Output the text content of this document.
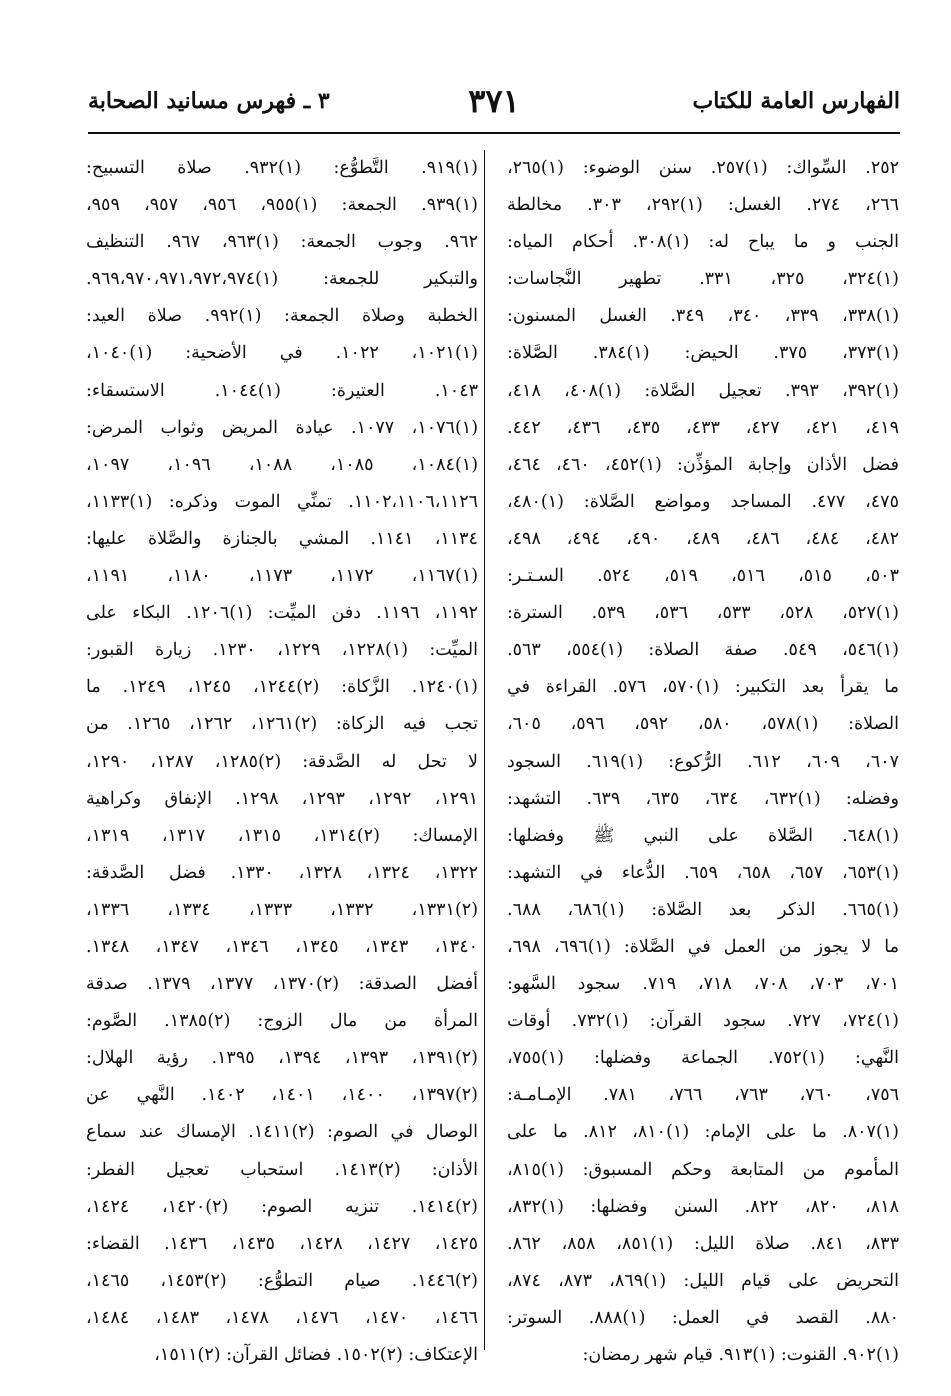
الفهارس العامة للكتاب
٣٧١
٣ ـ فهرس مسانيد الصحابة
٢٥٢. السِّواك: (١)٢٥٧. سنن الوضوء: (١)٢٦٥،
٢٦٦، ٢٧٤. الغسل: (١)٢٩٢، ٣٠٣. مخالطة
الجنب و ما يباح له: (١)٣٠٨. أحكام المياه:
(١)٣٢٤، ٣٢٥، ٣٣١. تطهير النَّجاسات:
(١)٣٣٨، ٣٣٩، ٣٤٠، ٣٤٩. الغسل المسنون:
(١)٣٧٣، ٣٧٥. الحيض: (١)٣٨٤. الصَّلاة:
(١)٣٩٢، ٣٩٣. تعجيل الصَّلاة: (١)٤٠٨، ٤١٨،
٤١٩، ٤٢١، ٤٢٧، ٤٣٣، ٤٣٥، ٤٣٦، ٤٤٢.
فضل الأذان وإجابة المؤذِّن: (١)٤٥٢، ٤٦٠، ٤٦٤،
٤٧٥، ٤٧٧. المساجد ومواضع الصَّلاة: (١)٤٨٠،
٤٨٢، ٤٨٤، ٤٨٦، ٤٨٩، ٤٩٠، ٤٩٤، ٤٩٨،
٥٠٣، ٥١٥، ٥١٦، ٥١٩، ٥٢٤. السـتـر:
(١)٥٢٧، ٥٢٨، ٥٣٣، ٥٣٦، ٥٣٩. السترة:
(١)٥٤٦، ٥٤٩. صفة الصلاة: (١)٥٥٤، ٥٦٣.
ما يقرأ بعد التكبير: (١)٥٧٠، ٥٧٦. القراءة في
الصلاة: (١)٥٧٨، ٥٨٠، ٥٩٢، ٥٩٦، ٦٠٥،
٦٠٧، ٦٠٩، ٦١٢. الرُّكوع: (١)٦١٩. السجود
وفضله: (١)٦٣٢، ٦٣٤، ٦٣٥، ٦٣٩. التشهد:
(١)٦٤٨. الصَّلاة على النبي ﷺ وفضلها:
(١)٦٥٣، ٦٥٧، ٦٥٨، ٦٥٩. الدُّعاء في التشهد:
(١)٦٦٥. الذكر بعد الصَّلاة: (١)٦٨٦، ٦٨٨.
ما لا يجوز من العمل في الصَّلاة: (١)٦٩٦، ٦٩٨،
٧٠١، ٧٠٣، ٧٠٨، ٧١٨، ٧١٩. سجود السَّهو:
(١)٧٢٤، ٧٢٧. سجود القرآن: (١)٧٣٢. أوقات
النَّهي: (١)٧٥٢. الجماعة وفضلها: (١)٧٥٥،
٧٥٦، ٧٦٠، ٧٦٣، ٧٦٦، ٧٨١. الإمـامـة:
(١)٨٠٧. ما على الإمام: (١)٨١٠، ٨١٢. ما على
المأموم من المتابعة وحكم المسبوق: (١)٨١٥،
٨١٨، ٨٢٠، ٨٢٢. السنن وفضلها: (١)٨٣٢،
٨٣٣، ٨٤١. صلاة الليل: (١)٨٥١، ٨٥٨، ٨٦٢.
التحريض على قيام الليل: (١)٨٦٩، ٨٧٣، ٨٧٤،
٨٨٠. القصد في العمل: (١)٨٨٨. السوتر:
(١)٩٠٢. القنوت: (١)٩١٣. قيام شهر رمضان:
(١)٩١٩. التَّطوُّع: (١)٩٣٢. صلاة التسبيح:
(١)٩٣٩. الجمعة: (١)٩٥٥، ٩٥٦، ٩٥٧، ٩٥٩،
٩٦٢. وجوب الجمعة: (١)٩٦٣، ٩٦٧. التنظيف
والتبكير للجمعة: (١)٩٦٩،٩٧٠،٩٧١،٩٧٢،٩٧٤.
الخطبة وصلاة الجمعة: (١)٩٩٢. صلاة العيد:
(١)١٠٢١، ١٠٢٢. في الأضحية: (١)١٠٤٠،
١٠٤٣. العتيرة: (١)١٠٤٤. الاستسقاء:
(١)١٠٧٦، ١٠٧٧. عيادة المريض وثواب المرض:
(١)١٠٨٤، ١٠٨٥، ١٠٨٨، ١٠٩٦، ١٠٩٧،
١١٠٢،١١٠٦،١١٢٦. تمنِّي الموت وذكره: (١)١١٣٣،
١١٣٤، ١١٤١. المشي بالجنازة والصَّلاة عليها:
(١)١١٦٧، ١١٧٢، ١١٧٣، ١١٨٠، ١١٩١،
١١٩٢، ١١٩٦. دفن الميِّت: (١)١٢٠٦. البكاء على
الميِّت: (١)١٢٢٨، ١٢٢٩، ١٢٣٠. زيارة القبور:
(١)١٢٤٠. الزَّكاة: (٢)١٢٤٤، ١٢٤٥، ١٢٤٩. ما
تجب فيه الزكاة: (٢)١٢٦١، ١٢٦٢، ١٢٦٥. من
لا تحل له الصَّدقة: (٢)١٢٨٥، ١٢٨٧، ١٢٩٠،
١٢٩١، ١٢٩٢، ١٢٩٣، ١٢٩٨. الإنفاق وكراهية
الإمساك: (٢)١٣١٤، ١٣١٥، ١٣١٧، ١٣١٩،
١٣٢٢، ١٣٢٤، ١٣٢٨، ١٣٣٠. فضل الصَّدقة:
(٢)١٣٣١، ١٣٣٢، ١٣٣٣، ١٣٣٤، ١٣٣٦،
١٣٤٠، ١٣٤٣، ١٣٤٥، ١٣٤٦، ١٣٤٧، ١٣٤٨.
أفضل الصدقة: (٢)١٣٧٠، ١٣٧٧، ١٣٧٩. صدقة
المرأة من مال الزوج: (٢)١٣٨٥. الصَّوم:
(٢)١٣٩١، ١٣٩٣، ١٣٩٤، ١٣٩٥. رؤية الهلال:
(٢)١٣٩٧، ١٤٠٠، ١٤٠١، ١٤٠٢. النَّهي عن
الوصال في الصوم: (٢)١٤١١. الإمساك عند سماع
الأذان: (٢)١٤١٣. استحباب تعجيل الفطر:
(٢)١٤١٤. تنزيه الصوم: (٢)١٤٢٠، ١٤٢٤،
١٤٢٥، ١٤٢٧، ١٤٢٨، ١٤٣٥، ١٤٣٦. القضاء:
(٢)١٤٤٦. صيام التطوُّع: (٢)١٤٥٣، ١٤٦٥،
١٤٦٦، ١٤٧٠، ١٤٧٦، ١٤٧٨، ١٤٨٣، ١٤٨٤،
الإعتكاف: (٢)١٥٠٢. فضائل القرآن: (٢)١٥١١،
